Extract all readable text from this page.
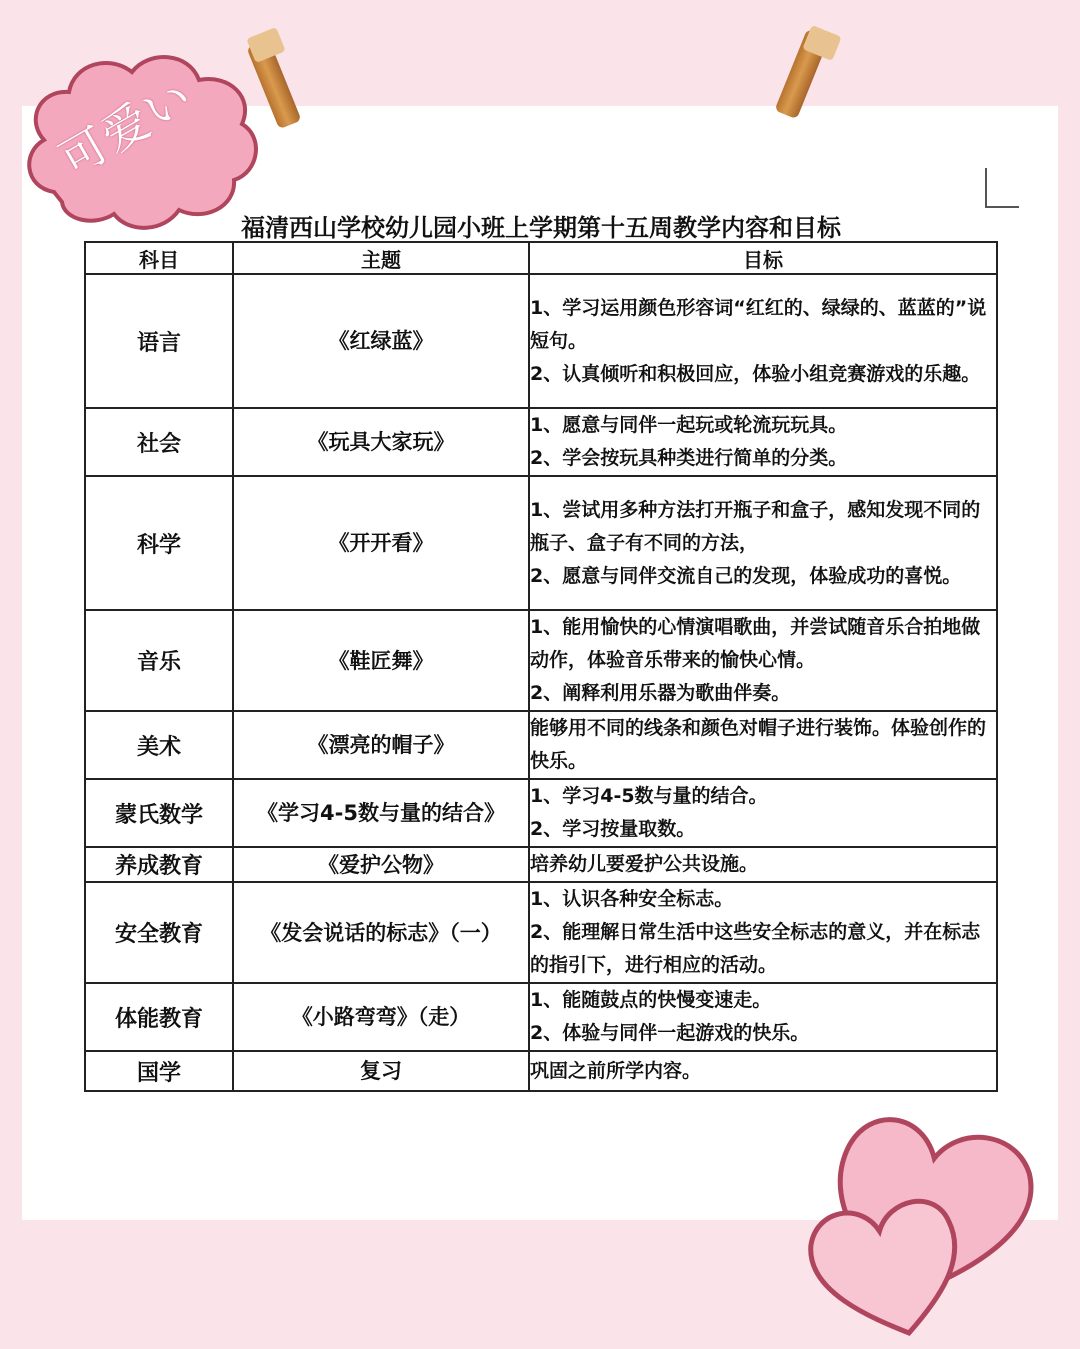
可爱い
福清西山学校幼儿园小班上学期第十五周教学内容和目标
科目	主题	目标
语言	《红绿蓝》	1、学习运用颜色形容词“红红的、绿绿的、蓝蓝的”说短句。
2、认真倾听和积极回应，体验小组竞赛游戏的乐趣。

社会	《玩具大家玩》	1、愿意与同伴一起玩或轮流玩玩具。
2、学会按玩具种类进行简单的分类。

科学	《开开看》	1、尝试用多种方法打开瓶子和盒子，感知发现不同的瓶子、盒子有不同的方法，
2、愿意与同伴交流自己的发现，体验成功的喜悦。

音乐	《鞋匠舞》	1、能用愉快的心情演唱歌曲，并尝试随音乐合拍地做动作，体验音乐带来的愉快心情。
2、阐释利用乐器为歌曲伴奏。

美术	《漂亮的帽子》	能够用不同的线条和颜色对帽子进行装饰。体验创作的快乐。

蒙氏数学	《学习4-5数与量的结合》	1、学习4-5数与量的结合。
2、学习按量取数。

养成教育	《爱护公物》	培养幼儿要爱护公共设施。

安全教育	《发会说话的标志》（一）	1、认识各种安全标志。
2、能理解日常生活中这些安全标志的意义，并在标志的指引下，进行相应的活动。

体能教育	《小路弯弯》（走）	1、能随鼓点的快慢变速走。
2、体验与同伴一起游戏的快乐。

国学	复习	巩固之前所学内容。
